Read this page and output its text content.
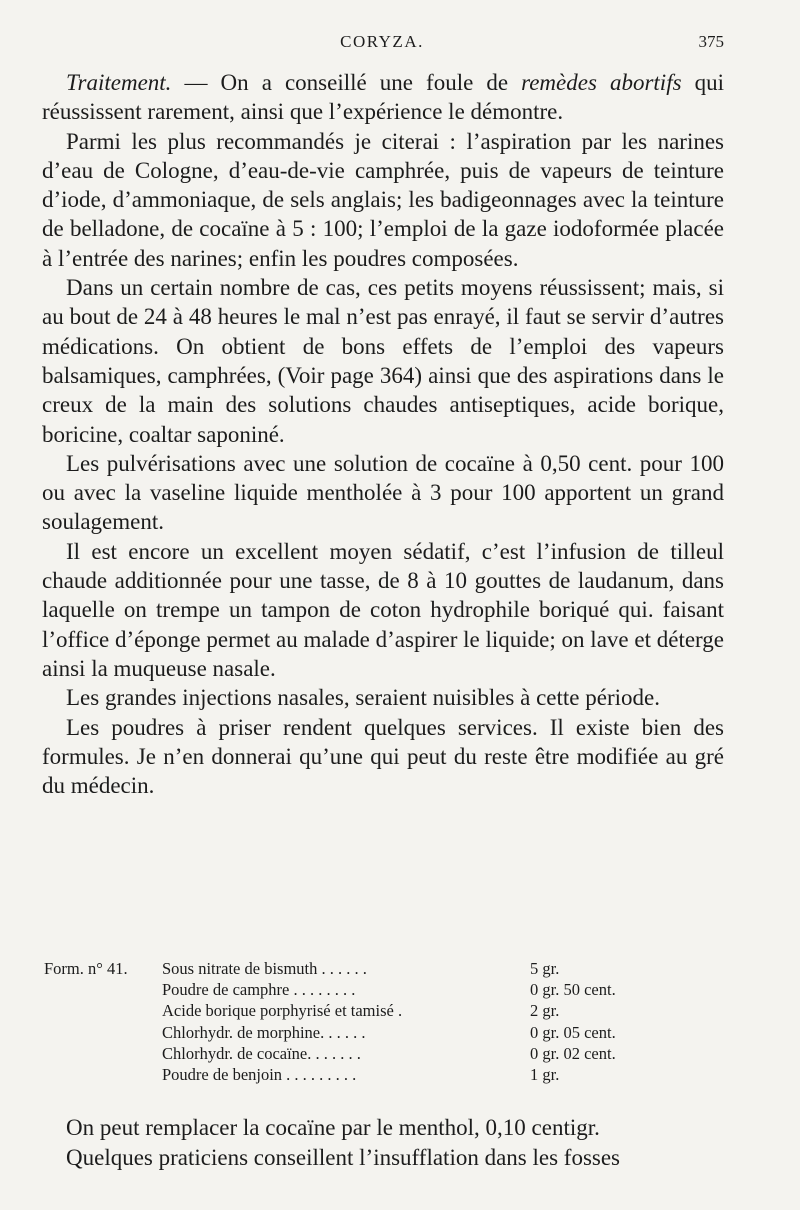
CORYZA.	375

Traitement. — On a conseillé une foule de remèdes abortifs qui réussissent rarement, ainsi que l’expérience le démontre.

Parmi les plus recommandés je citerai : l’aspiration par les narines d’eau de Cologne, d’eau-de-vie camphrée, puis de vapeurs de teinture d’iode, d’ammoniaque, de sels anglais; les badigeonnages avec la teinture de belladone, de cocaïne à 5 : 100; l’emploi de la gaze iodoformée placée à l’entrée des narines; enfin les poudres composées.

Dans un certain nombre de cas, ces petits moyens réussissent; mais, si au bout de 24 à 48 heures le mal n’est pas enrayé, il faut se servir d’autres médications. On obtient de bons effets de l’emploi des vapeurs balsamiques, camphrées, (Voir page 364) ainsi que des aspirations dans le creux de la main des solutions chaudes antiseptiques, acide borique, boricine, coaltar saponiné.

Les pulvérisations avec une solution de cocaïne à 0,50 cent. pour 100 ou avec la vaseline liquide mentholée à 3 pour 100 apportent un grand soulagement.

Il est encore un excellent moyen sédatif, c’est l’infusion de tilleul chaude additionnée pour une tasse, de 8 à 10 gouttes de laudanum, dans laquelle on trempe un tampon de coton hydrophile boriqué qui. faisant l’office d’éponge permet au malade d’aspirer le liquide; on lave et déterge ainsi la muqueuse nasale.

Les grandes injections nasales, seraient nuisibles à cette période.

Les poudres à priser rendent quelques services. Il existe bien des formules. Je n’en donnerai qu’une qui peut du reste être modifiée au gré du médecin.

Form. n° 41. Sous nitrate de bismuth . . . . . .	5 gr.
Poudre de camphre . . . . . . . .	0 gr. 50 cent.
Acide borique porphyrisé et tamisé .	2 gr.
Chlorhydr. de morphine. . . . . .	0 gr. 05 cent.
Chlorhydr. de cocaïne. . . . . . .	0 gr. 02 cent.
Poudre de benjoin . . . . . . . . .	1 gr.

On peut remplacer la cocaïne par le menthol, 0,10 centigr.

Quelques praticiens conseillent l’insufflation dans les fosses
